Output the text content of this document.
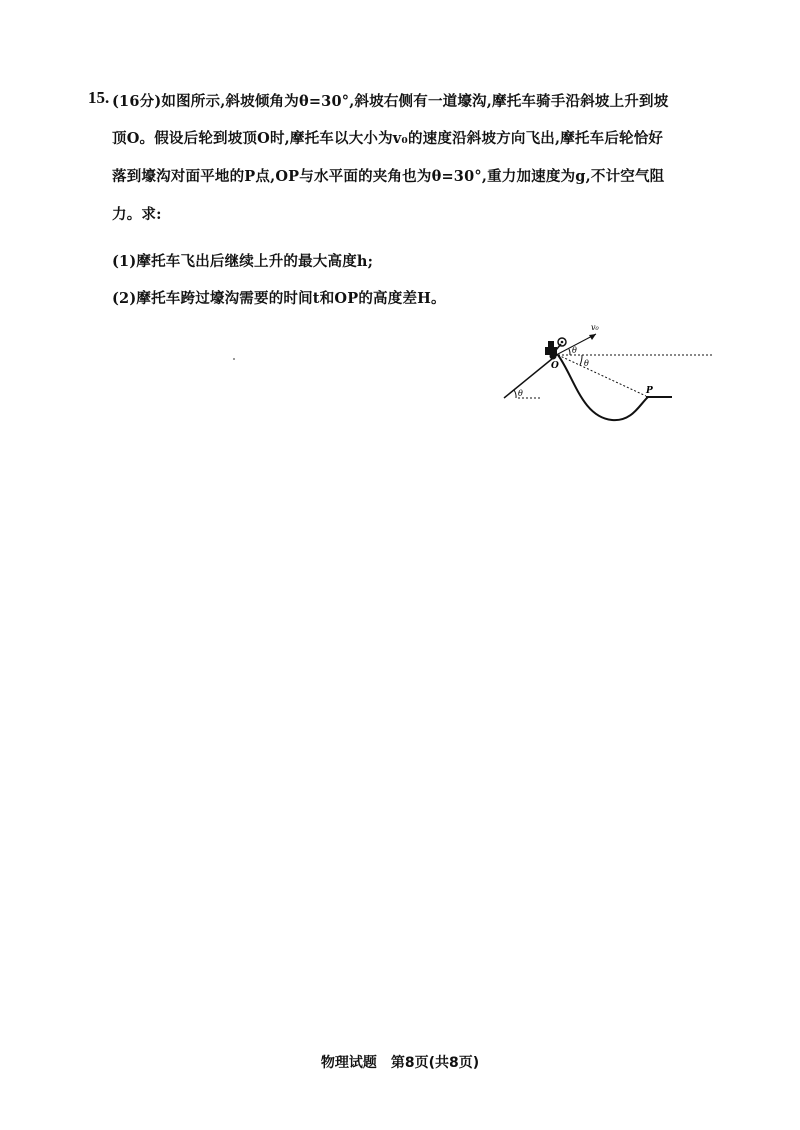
15. (16分)如图所示,斜坡倾角为θ=30°,斜坡右侧有一道壕沟,摩托车骑手沿斜坡上升到坡
顶O。假设后轮到坡顶O时,摩托车以大小为v₀的速度沿斜坡方向飞出,摩托车后轮恰好
落到壕沟对面平地的P点,OP与水平面的夹角也为θ=30°,重力加速度为g,不计空气阻
力。求:
(1)摩托车飞出后继续上升的最大高度h;
(2)摩托车跨过壕沟需要的时间t和OP的高度差H。
θ
v₀
θ
θ
O
P
物理试题　第8页(共8页)
